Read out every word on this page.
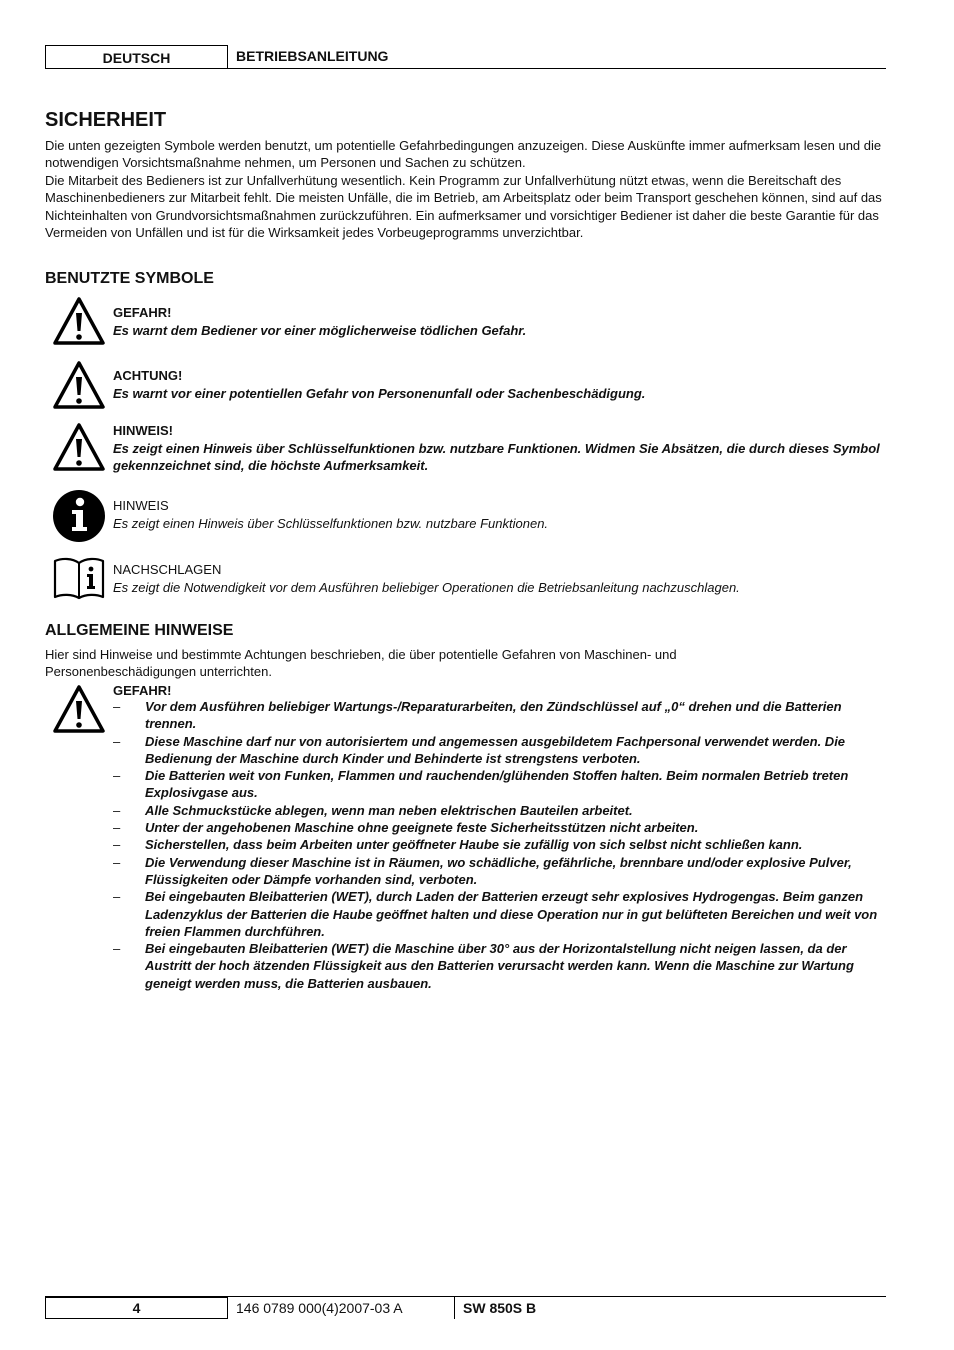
DEUTSCH	BETRIEBSANLEITUNG
SICHERHEIT

Die unten gezeigten Symbole werden benutzt, um potentielle Gefahrbedingungen anzuzeigen. Diese Auskünfte immer aufmerksam lesen und die notwendigen Vorsichtsmaßnahme nehmen, um Personen und Sachen zu schützen.

Die Mitarbeit des Bedieners ist zur Unfallverhütung wesentlich. Kein Programm zur Unfallverhütung nützt etwas, wenn die Bereitschaft des Maschinenbedieners zur Mitarbeit fehlt. Die meisten Unfälle, die im Betrieb, am Arbeitsplatz oder beim Transport geschehen können, sind auf das Nichteinhalten von Grundvorsichtsmaßnahmen zurückzuführen. Ein aufmerksamer und vorsichtiger Bediener ist daher die beste Garantie für das Vermeiden von Unfällen und ist für die Wirksamkeit jedes Vorbeugeprogramms unverzichtbar.

BENUTZTE SYMBOLE
GEFAHR!
Es warnt dem Bediener vor einer möglicherweise tödlichen Gefahr.
ACHTUNG!
Es warnt vor einer potentiellen Gefahr von Personenunfall oder Sachenbeschädigung.
HINWEIS!
Es zeigt einen Hinweis über Schlüsselfunktionen bzw. nutzbare Funktionen. Widmen Sie Absätzen, die durch dieses Symbol gekennzeichnet sind, die höchste Aufmerksamkeit.
HINWEIS
Es zeigt einen Hinweis über Schlüsselfunktionen bzw. nutzbare Funktionen.
NACHSCHLAGEN
Es zeigt die Notwendigkeit vor dem Ausführen beliebiger Operationen die Betriebsanleitung nachzuschlagen.
ALLGEMEINE HINWEISE

Hier sind Hinweise und bestimmte Achtungen beschrieben, die über potentielle Gefahren von Maschinen- und Personenbeschädigungen unterrichten.

GEFAHR!
– Vor dem Ausführen beliebiger Wartungs-/Reparaturarbeiten, den Zündschlüssel auf „0“ drehen und die Batterien trennen.
– Diese Maschine darf nur von autorisiertem und angemessen ausgebildetem Fachpersonal verwendet werden. Die Bedienung der Maschine durch Kinder und Behinderte ist strengstens verboten.
– Die Batterien weit von Funken, Flammen und rauchenden/glühenden Stoffen halten. Beim normalen Betrieb treten Explosivgase aus.
– Alle Schmuckstücke ablegen, wenn man neben elektrischen Bauteilen arbeitet.
– Unter der angehobenen Maschine ohne geeignete feste Sicherheitsstützen nicht arbeiten.
– Sicherstellen, dass beim Arbeiten unter geöffneter Haube sie zufällig von sich selbst nicht schließen kann.
– Die Verwendung dieser Maschine ist in Räumen, wo schädliche, gefährliche, brennbare und/oder explosive Pulver, Flüssigkeiten oder Dämpfe vorhanden sind, verboten.
– Bei eingebauten Bleibatterien (WET), durch Laden der Batterien erzeugt sehr explosives Hydrogengas. Beim ganzen Ladenzyklus der Batterien die Haube geöffnet halten und diese Operation nur in gut belüfteten Bereichen und weit von freien Flammen durchführen.
– Bei eingebauten Bleibatterien (WET) die Maschine über 30° aus der Horizontalstellung nicht neigen lassen, da der Austritt der hoch ätzenden Flüssigkeit aus den Batterien verursacht werden kann. Wenn die Maschine zur Wartung geneigt werden muss, die Batterien ausbauen.
4	146 0789 000(4)2007-03 A	SW 850S B
